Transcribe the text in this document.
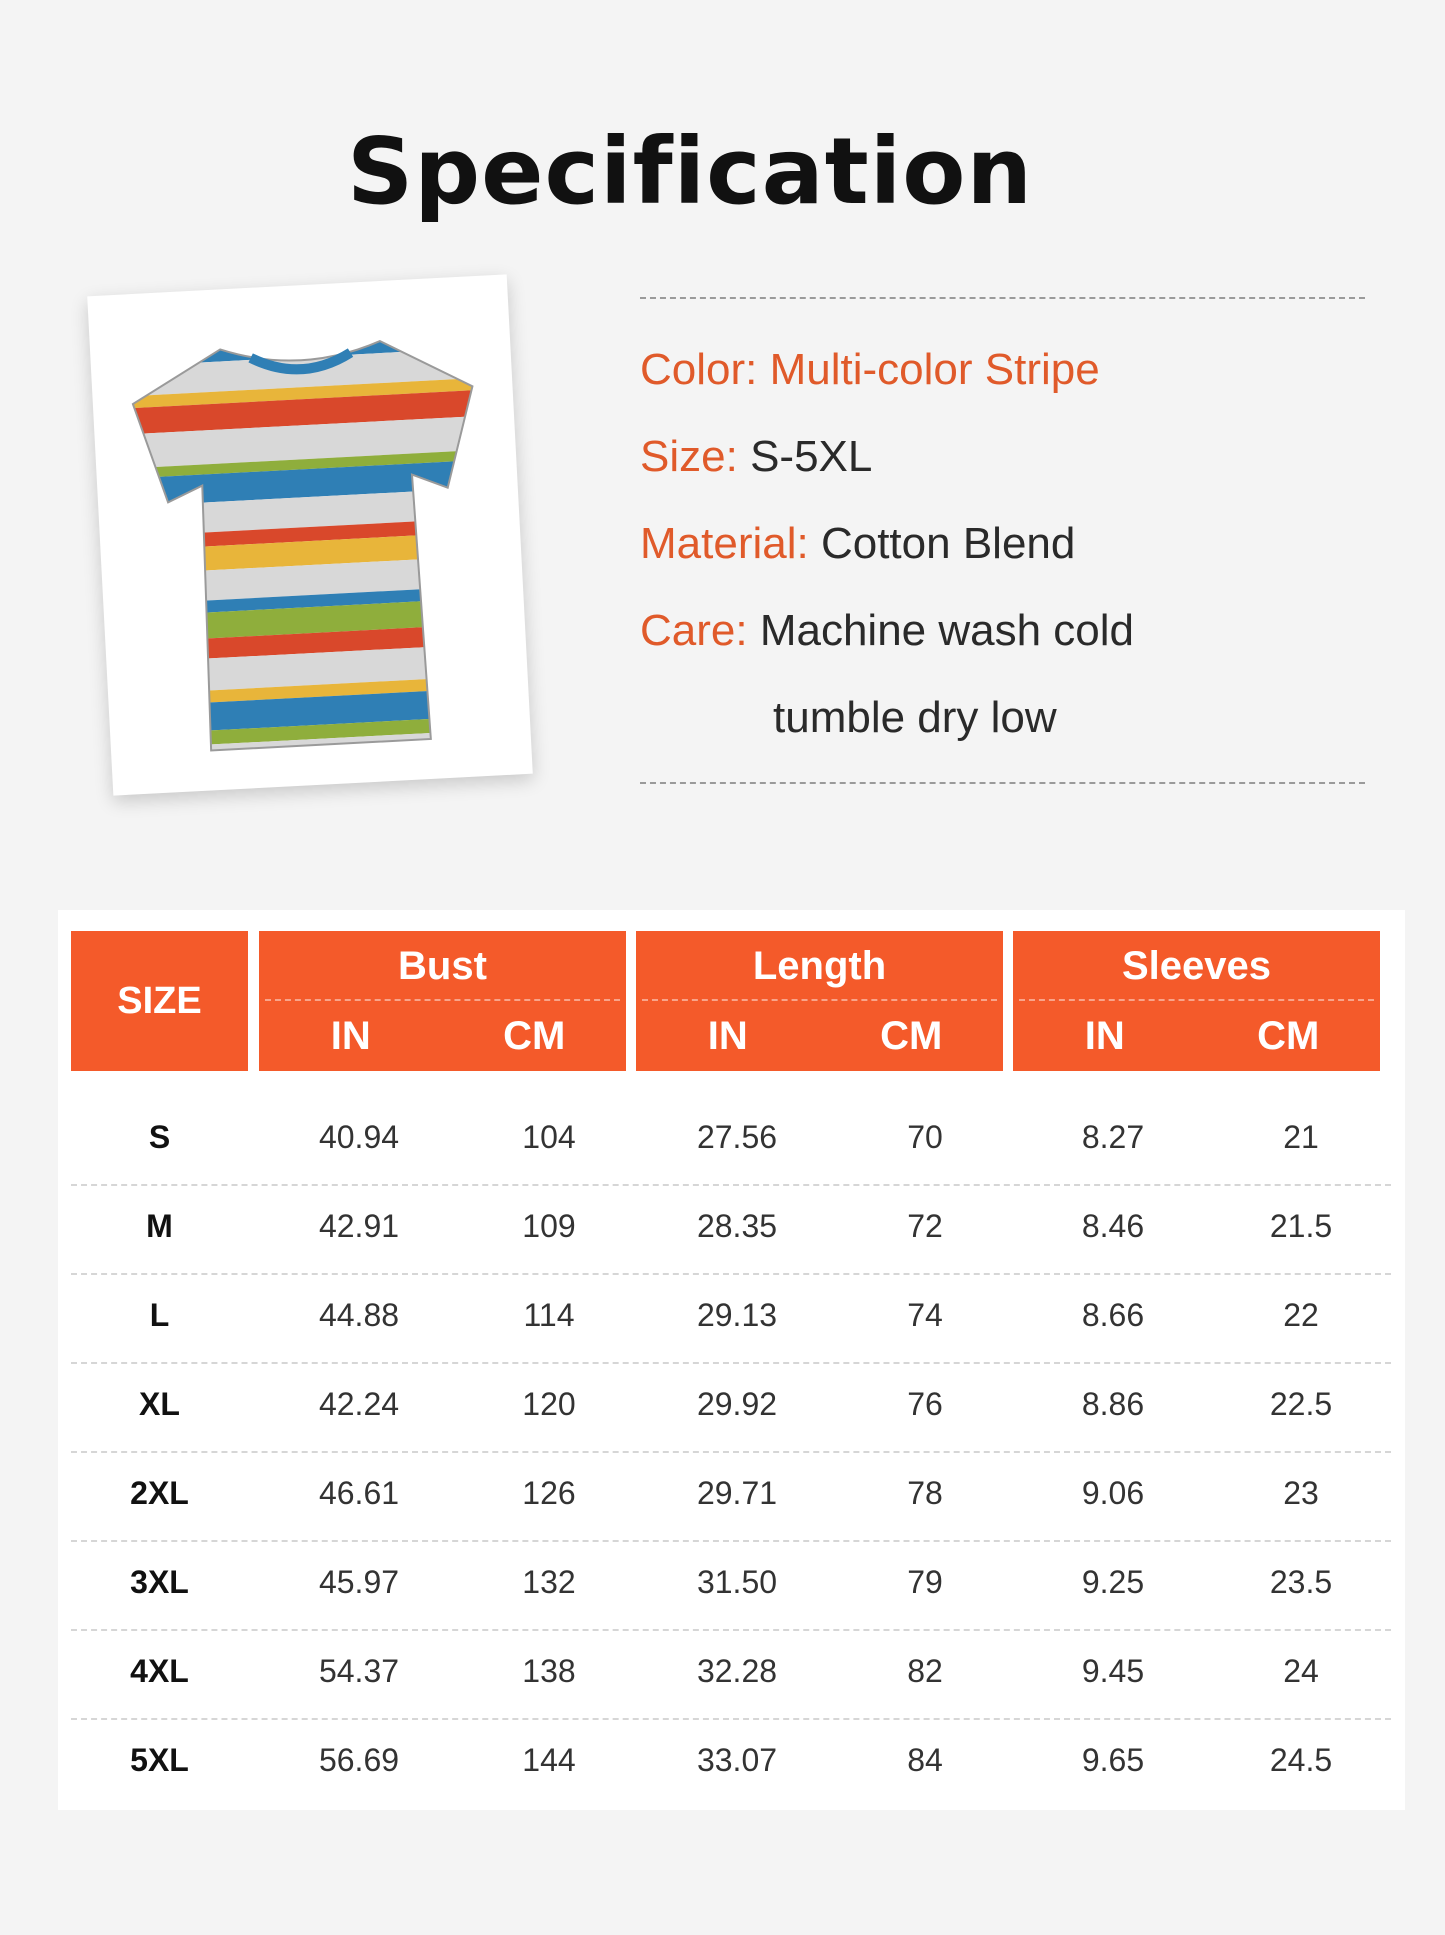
Specification
Color: Multi-color Stripe
Size: S-5XL
Material: Cotton Blend
Care: Machine wash cold
tumble dry low
SIZE
Bust
IN	CM
Length
IN	CM
Sleeves
IN	CM
S	40.94	104	27.56	70	8.27	21
M	42.91	109	28.35	72	8.46	21.5
L	44.88	114	29.13	74	8.66	22
XL	42.24	120	29.92	76	8.86	22.5
2XL	46.61	126	29.71	78	9.06	23
3XL	45.97	132	31.50	79	9.25	23.5
4XL	54.37	138	32.28	82	9.45	24
5XL	56.69	144	33.07	84	9.65	24.5
